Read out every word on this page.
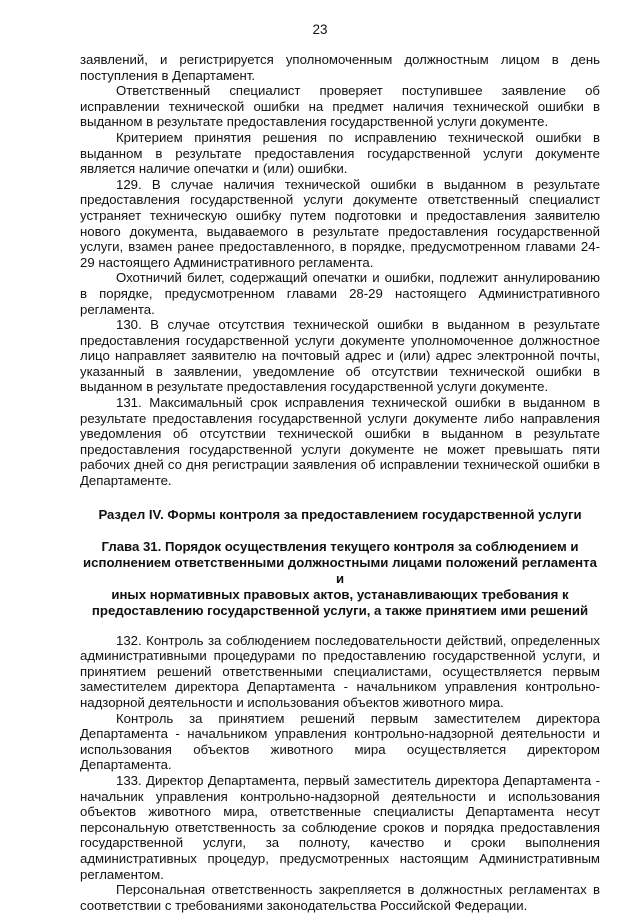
23

заявлений, и регистрируется уполномоченным должностным лицом в день поступления в Департамент.

Ответственный специалист проверяет поступившее заявление об исправлении технической ошибки на предмет наличия технической ошибки в выданном в результате предоставления государственной услуги документе.

Критерием принятия решения по исправлению технической ошибки в выданном в результате предоставления государственной услуги документе является наличие опечатки и (или) ошибки.

129. В случае наличия технической ошибки в выданном в результате предоставления государственной услуги документе ответственный специалист устраняет техническую ошибку путем подготовки и предоставления заявителю нового документа, выдаваемого в результате предоставления государственной услуги, взамен ранее предоставленного, в порядке, предусмотренном главами 24-29 настоящего Административного регламента.

Охотничий билет, содержащий опечатки и ошибки, подлежит аннулированию в порядке, предусмотренном главами 28-29 настоящего Административного регламента.

130. В случае отсутствия технической ошибки в выданном в результате предоставления государственной услуги документе уполномоченное должностное лицо направляет заявителю на почтовый адрес и (или) адрес электронной почты, указанный в заявлении, уведомление об отсутствии технической ошибки в выданном в результате предоставления государственной услуги документе.

131. Максимальный срок исправления технической ошибки в выданном в результате предоставления государственной услуги документе либо направления уведомления об отсутствии технической ошибки в выданном в результате предоставления государственной услуги документе не может превышать пяти рабочих дней со дня регистрации заявления об исправлении технической ошибки в Департаменте.

Раздел IV. Формы контроля за предоставлением государственной услуги
Глава 31. Порядок осуществления текущего контроля за соблюдением и
исполнением ответственными должностными лицами положений регламента и
иных нормативных правовых актов, устанавливающих требования к
предоставлению государственной услуги, а также принятием ими решений

132. Контроль за соблюдением последовательности действий, определенных административными процедурами по предоставлению государственной услуги, и принятием решений ответственными специалистами, осуществляется первым заместителем директора Департамента - начальником управления контрольно-надзорной деятельности и использования объектов животного мира.

Контроль за принятием решений первым заместителем директора Департамента - начальником управления контрольно-надзорной деятельности и использования объектов животного мира осуществляется директором Департамента.

133. Директор Департамента, первый заместитель директора Департамента - начальник управления контрольно-надзорной деятельности и использования объектов животного мира, ответственные специалисты Департамента несут персональную ответственность за соблюдение сроков и порядка предоставления государственной услуги, за полноту, качество и сроки выполнения административных процедур, предусмотренных настоящим Административным регламентом.

Персональная ответственность закрепляется в должностных регламентах в соответствии с требованиями законодательства Российской Федерации.
